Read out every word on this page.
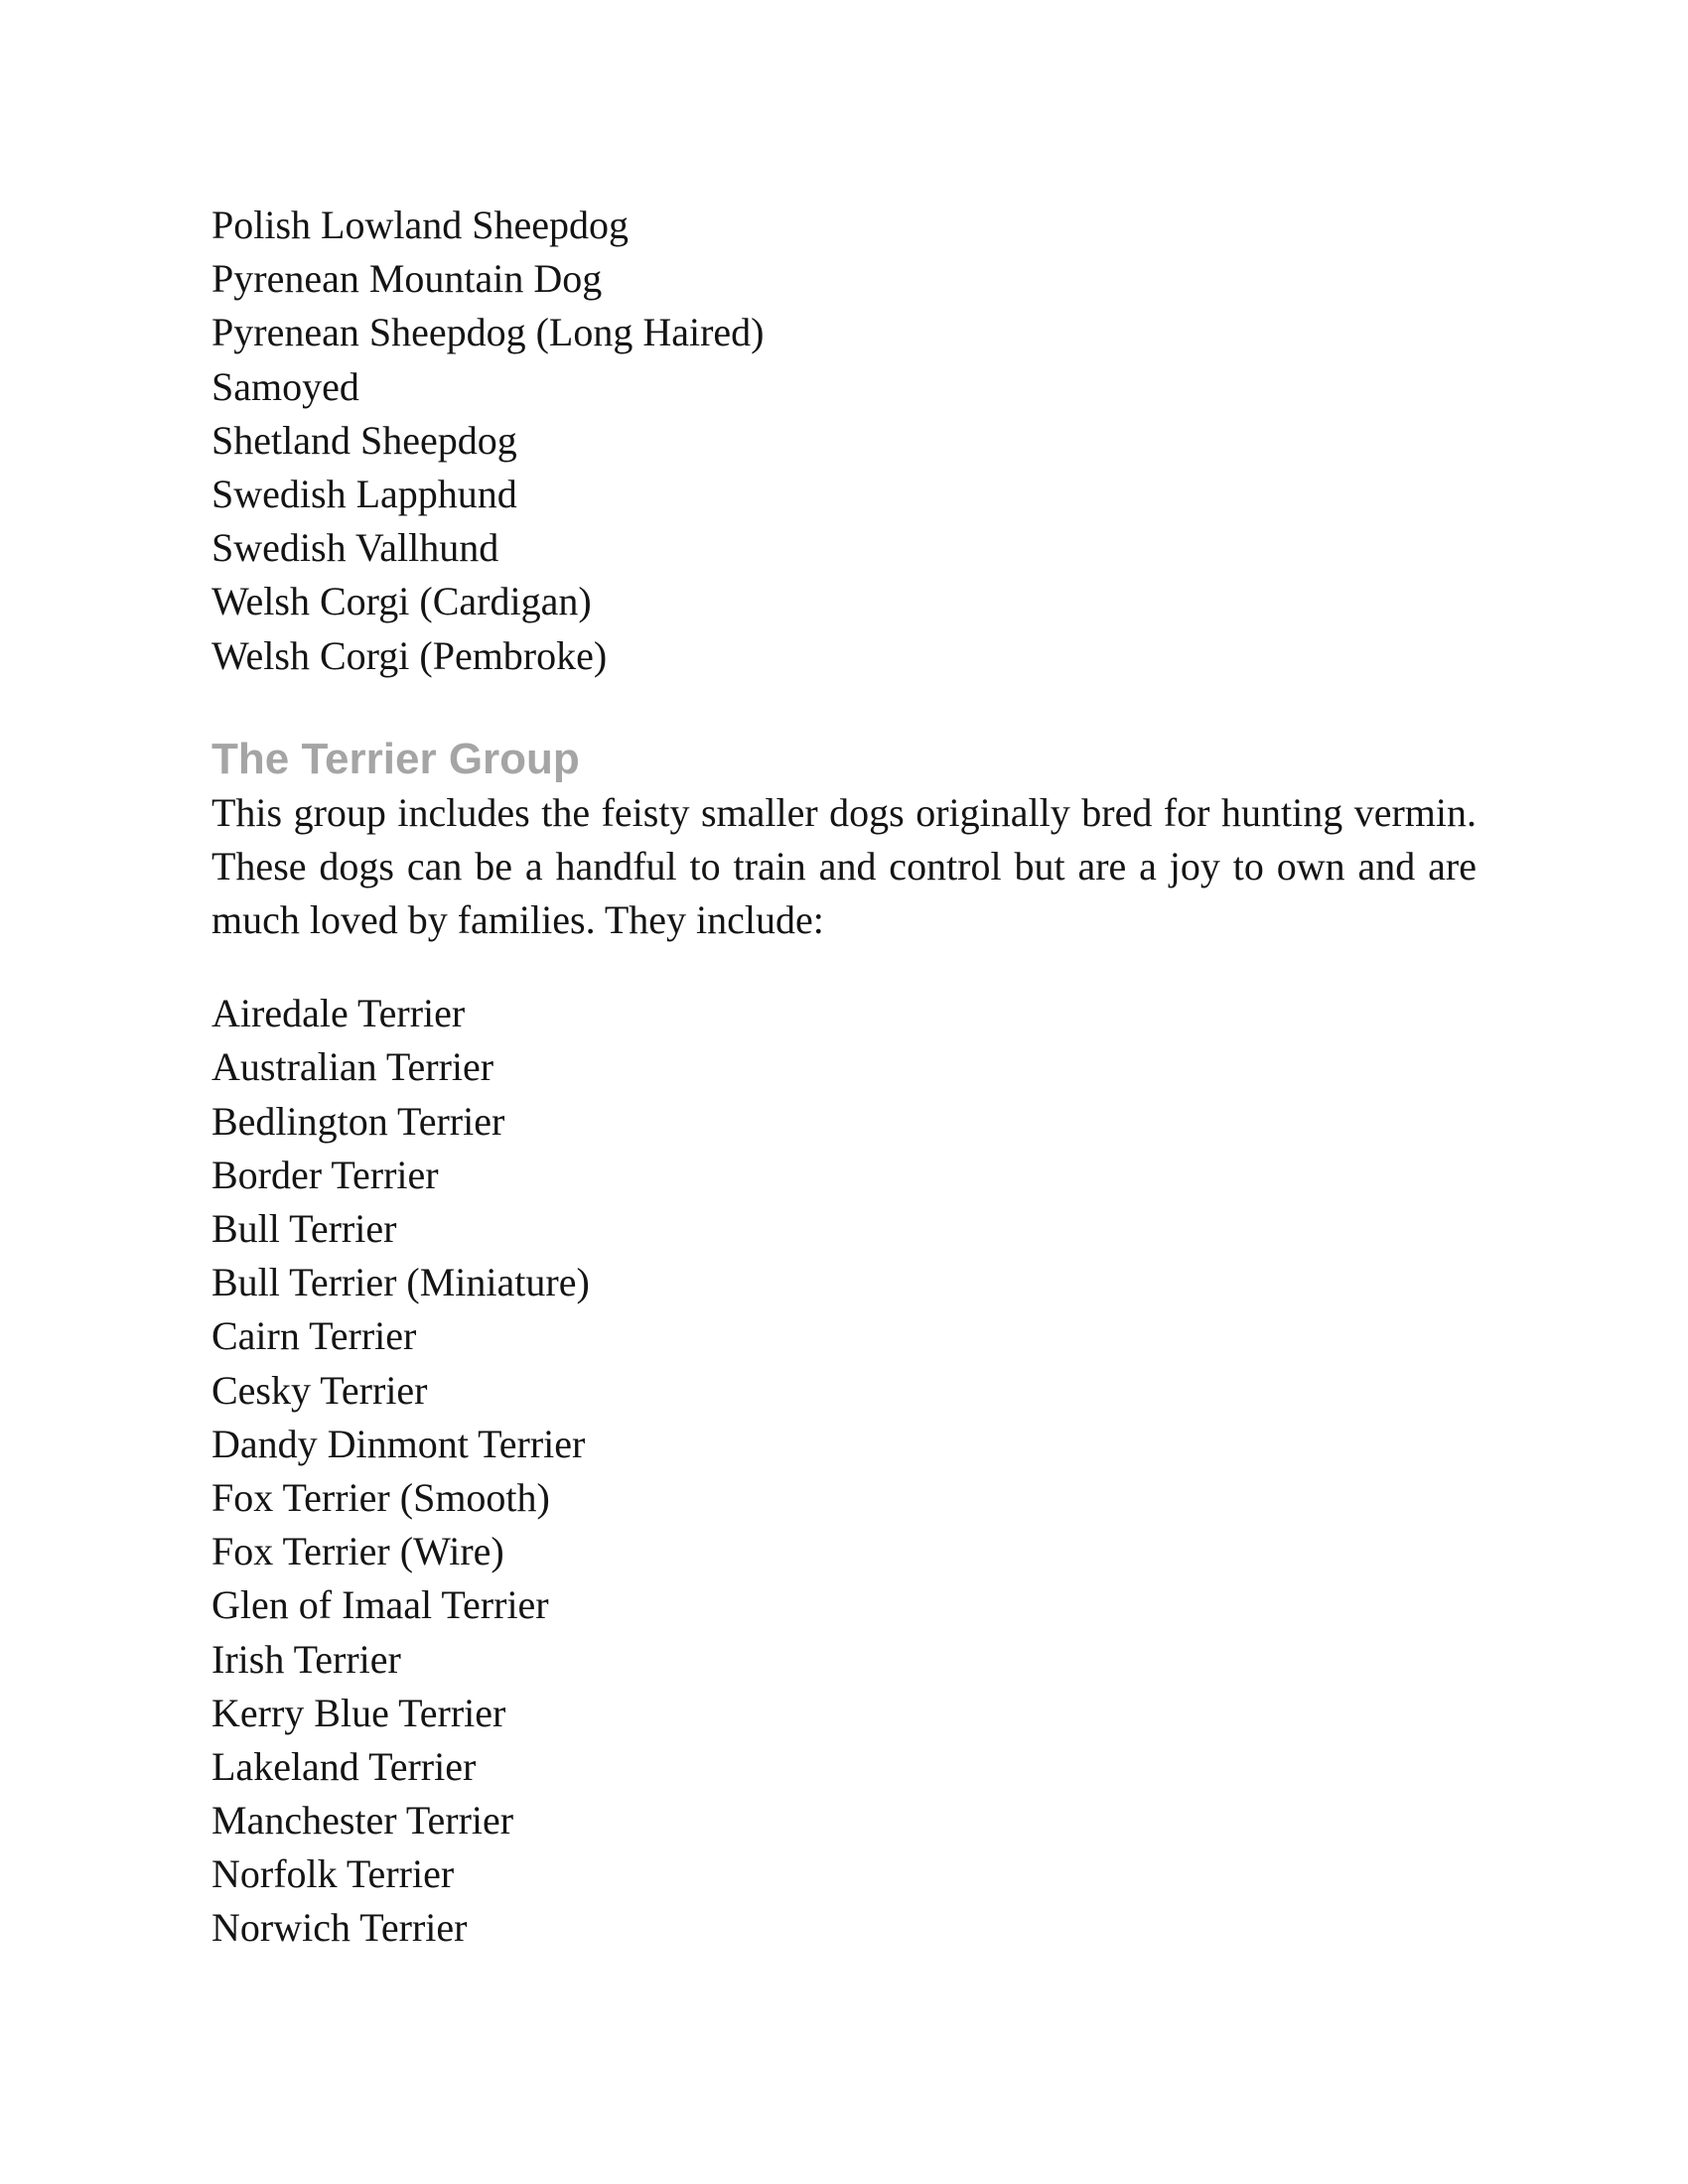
Polish Lowland Sheepdog
Pyrenean Mountain Dog
Pyrenean Sheepdog (Long Haired)
Samoyed
Shetland Sheepdog
Swedish Lapphund
Swedish Vallhund
Welsh Corgi (Cardigan)
Welsh Corgi (Pembroke)
The Terrier Group

This group includes the feisty smaller dogs originally bred for hunting vermin. These dogs can be a handful to train and control but are a joy to own and are much loved by families. They include:

Airedale Terrier
Australian Terrier
Bedlington Terrier
Border Terrier
Bull Terrier
Bull Terrier (Miniature)
Cairn Terrier
Cesky Terrier
Dandy Dinmont Terrier
Fox Terrier (Smooth)
Fox Terrier (Wire)
Glen of Imaal Terrier
Irish Terrier
Kerry Blue Terrier
Lakeland Terrier
Manchester Terrier
Norfolk Terrier
Norwich Terrier
